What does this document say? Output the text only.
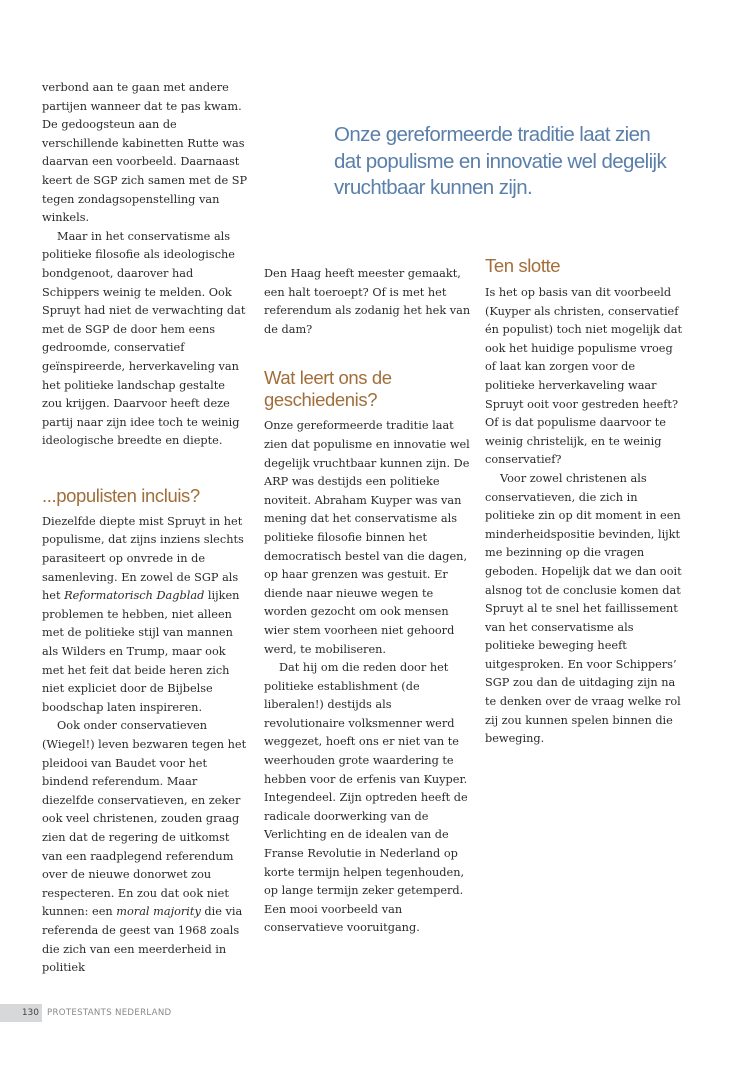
Onze gereformeerde traditie laat zien dat populisme en innovatie wel degelijk vruchtbaar kunnen zijn.

verbond aan te gaan met andere partijen wanneer dat te pas kwam. De gedoogsteun aan de verschillende kabinetten Rutte was daarvan een voorbeeld. Daarnaast keert de SGP zich samen met de SP tegen zondagsopenstelling van winkels.

Maar in het conservatisme als politieke filosofie als ideologische bondgenoot, daarover had Schippers weinig te melden. Ook Spruyt had niet de verwachting dat met de SGP de door hem eens gedroomde, conservatief geïnspireerde, herverkaveling van het politieke landschap gestalte zou krijgen. Daarvoor heeft deze partij naar zijn idee toch te weinig ideologische breedte en diepte.

...populisten incluis?

Diezelfde diepte mist Spruyt in het populisme, dat zijns inziens slechts parasiteert op onvrede in de samenleving. En zowel de SGP als het Reformatorisch Dagblad lijken problemen te hebben, niet alleen met de politieke stijl van mannen als Wilders en Trump, maar ook met het feit dat beide heren zich niet expliciet door de Bijbelse boodschap laten inspireren.

Ook onder conservatieven (Wiegel!) leven bezwaren tegen het pleidooi van Baudet voor het bindend referendum. Maar diezelfde conservatieven, en zeker ook veel christenen, zouden graag zien dat de regering de uitkomst van een raadplegend referendum over de nieuwe donorwet zou respecteren. En zou dat ook niet kunnen: een moral majority die via referenda de geest van 1968 zoals die zich van een meerderheid in politiek

Den Haag heeft meester gemaakt, een halt toeroept? Of is met het referendum als zodanig het hek van de dam?

Wat leert ons de geschiedenis?

Onze gereformeerde traditie laat zien dat populisme en innovatie wel degelijk vruchtbaar kunnen zijn. De ARP was destijds een politieke noviteit. Abraham Kuyper was van mening dat het conservatisme als politieke filosofie binnen het democratisch bestel van die dagen, op haar grenzen was gestuit. Er diende naar nieuwe wegen te worden gezocht om ook mensen wier stem voorheen niet gehoord werd, te mobiliseren.

Dat hij om die reden door het politieke establishment (de liberalen!) destijds als revolutionaire volksmenner werd weggezet, hoeft ons er niet van te weerhouden grote waardering te hebben voor de erfenis van Kuyper. Integendeel. Zijn optreden heeft de radicale doorwerking van de Verlichting en de idealen van de Franse Revolutie in Nederland op korte termijn helpen tegenhouden, op lange termijn zeker getemperd. Een mooi voorbeeld van conservatieve vooruitgang.

Ten slotte

Is het op basis van dit voorbeeld (Kuyper als christen, conservatief én populist) toch niet mogelijk dat ook het huidige populisme vroeg of laat kan zorgen voor de politieke herverkaveling waar Spruyt ooit voor gestreden heeft? Of is dat populisme daarvoor te weinig christelijk, en te weinig conservatief?

Voor zowel christenen als conservatieven, die zich in politieke zin op dit moment in een minderheidspositie bevinden, lijkt me bezinning op die vragen geboden. Hopelijk dat we dan ooit alsnog tot de conclusie komen dat Spruyt al te snel het faillissement van het conservatisme als politieke beweging heeft uitgesproken. En voor Schippers’ SGP zou dan de uitdaging zijn na te denken over de vraag welke rol zij zou kunnen spelen binnen die beweging.

130 PROTESTANTS NEDERLAND
